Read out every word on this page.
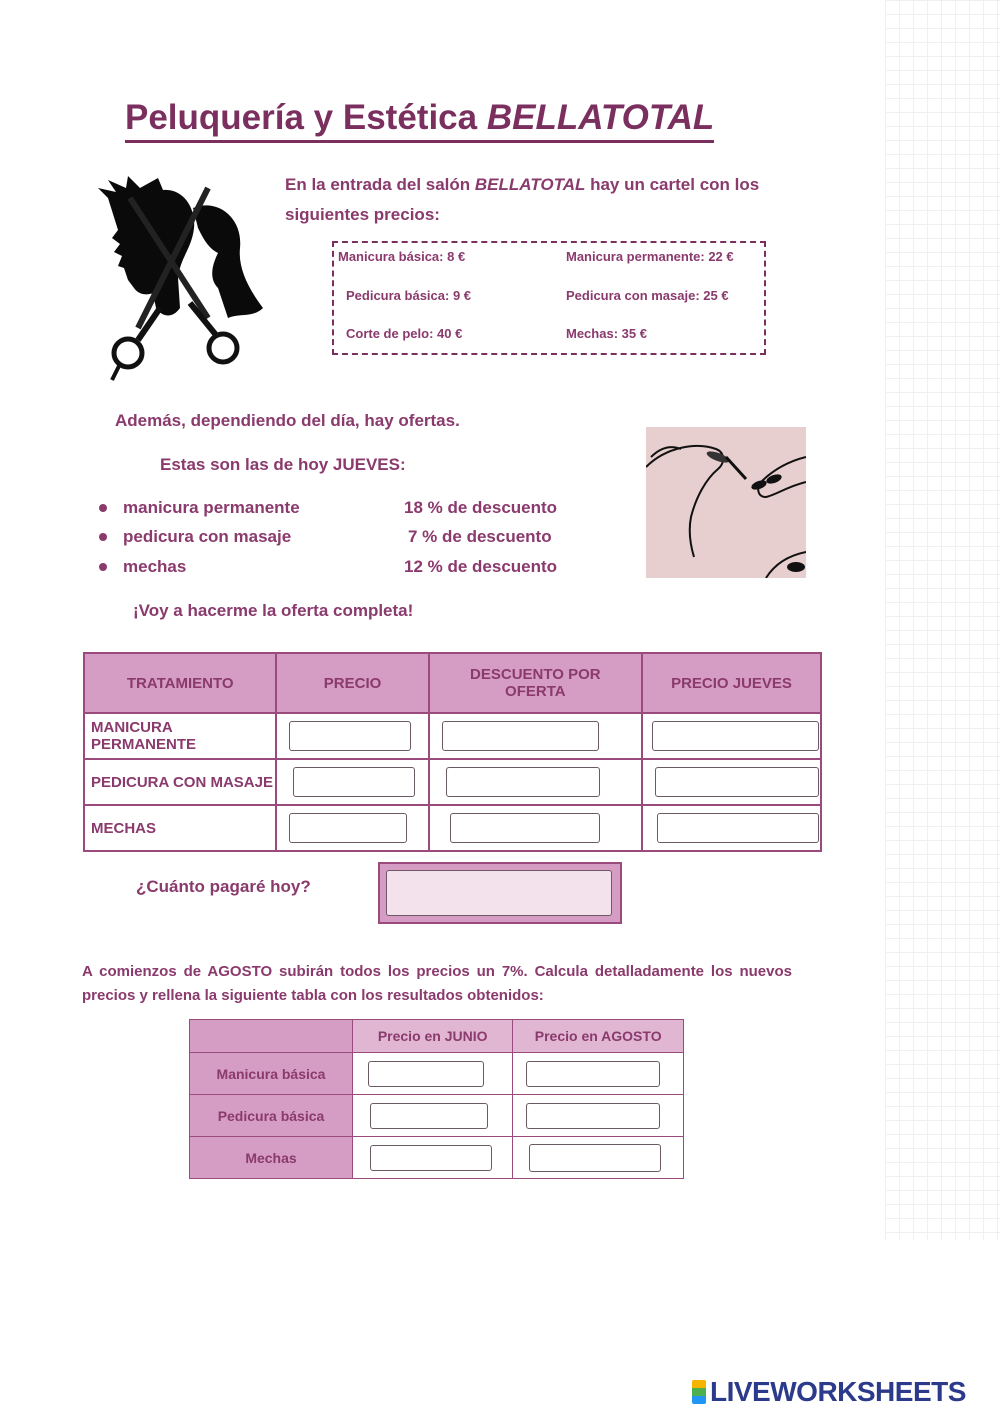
Peluquería y Estética BELLATOTAL
En la entrada del salón BELLATOTAL hay un cartel con los siguientes precios:
Manicura básica: 8 €	Manicura permanente: 22 €
Pedicura básica: 9 €	Pedicura con masaje: 25 €
Corte de pelo: 40 €	Mechas: 35 €
Además, dependiendo del día, hay ofertas.
Estas son las de hoy JUEVES:
manicura permanente	18 % de descuento
pedicura con masaje	7 % de descuento
mechas	12 % de descuento
¡Voy a hacerme la oferta completa!
TRATAMIENTO	PRECIO	DESCUENTO POR OFERTA	PRECIO JUEVES
MANICURA PERMANENTE	

PEDICURA CON MASAJE	

MECHAS	

¿Cuánto pagaré hoy?
A comienzos de AGOSTO subirán todos los precios un 7%. Calcula detalladamente los nuevos precios y rellena la siguiente tabla con los resultados obtenidos:
	Precio en JUNIO	Precio en AGOSTO
Manicura básica	

Pedicura básica	

Mechas	

LIVEWORKSHEETS
